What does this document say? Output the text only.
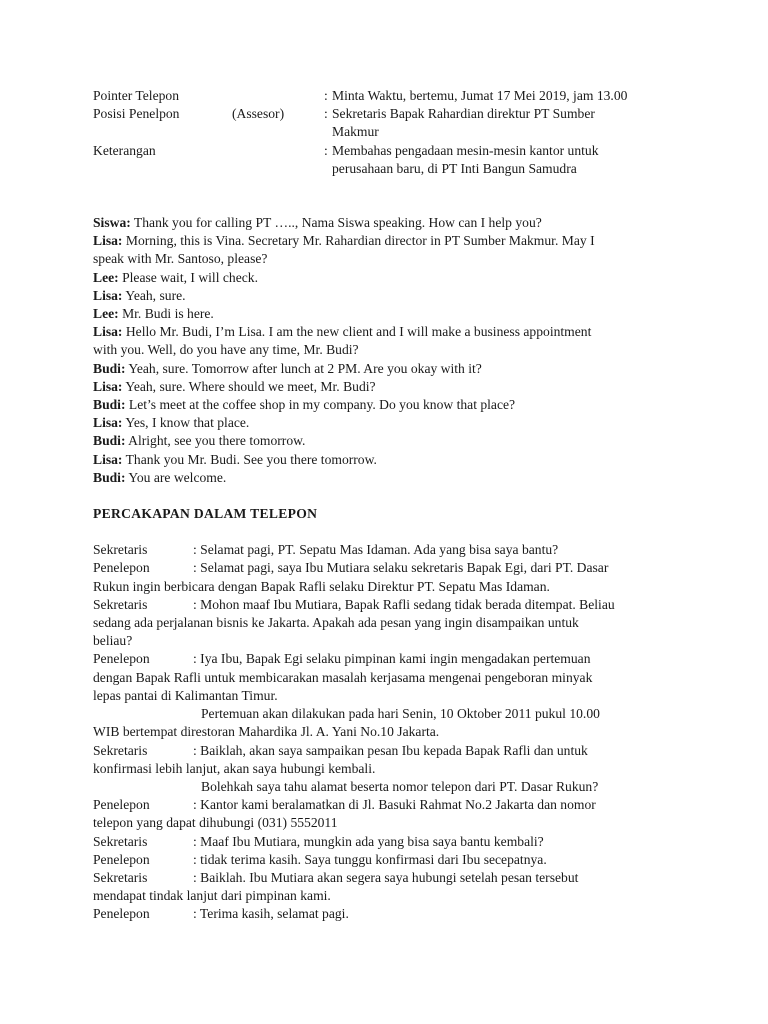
Pointer Telepon	: Minta Waktu, bertemu, Jumat 17 Mei 2019, jam 13.00
Posisi Penelpon	(Assesor)	: Sekretaris Bapak Rahardian direktur PT Sumber
Makmur
Keterangan	: Membahas pengadaan mesin-mesin kantor untuk
perusahaan baru, di PT Inti Bangun Samudra
Siswa: Thank you for calling PT ….., Nama Siswa speaking. How can I help you?
Lisa: Morning, this is Vina. Secretary Mr. Rahardian director in PT Sumber Makmur. May I
speak with Mr. Santoso, please?
Lee: Please wait, I will check.
Lisa: Yeah, sure.
Lee: Mr. Budi is here.
Lisa: Hello Mr. Budi, I’m Lisa. I am the new client and I will make a business appointment
with you. Well, do you have any time, Mr. Budi?
Budi: Yeah, sure. Tomorrow after lunch at 2 PM. Are you okay with it?
Lisa: Yeah, sure. Where should we meet, Mr. Budi?
Budi: Let’s meet at the coffee shop in my company. Do you know that place?
Lisa: Yes, I know that place.
Budi: Alright, see you there tomorrow.
Lisa: Thank you Mr. Budi. See you there tomorrow.
Budi: You are welcome.
PERCAKAPAN DALAM TELEPON
Sekretaris	: Selamat pagi, PT. Sepatu Mas Idaman. Ada yang bisa saya bantu?
Penelepon	: Selamat pagi, saya Ibu Mutiara selaku sekretaris Bapak Egi, dari PT. Dasar
Rukun ingin berbicara dengan Bapak Rafli selaku Direktur PT. Sepatu Mas Idaman.
Sekretaris	: Mohon maaf Ibu Mutiara, Bapak Rafli sedang tidak berada ditempat. Beliau
sedang ada perjalanan bisnis ke Jakarta. Apakah ada pesan yang ingin disampaikan untuk
beliau?
Penelepon	: Iya Ibu, Bapak Egi selaku pimpinan kami ingin mengadakan pertemuan
dengan Bapak Rafli untuk membicarakan masalah kerjasama mengenai pengeboran minyak
lepas pantai di Kalimantan Timur.
Pertemuan akan dilakukan pada hari Senin, 10 Oktober 2011 pukul 10.00
WIB bertempat direstoran Mahardika Jl. A. Yani No.10 Jakarta.
Sekretaris	: Baiklah, akan saya sampaikan pesan Ibu kepada Bapak Rafli dan untuk
konfirmasi lebih lanjut, akan saya hubungi kembali.
Bolehkah saya tahu alamat beserta nomor telepon dari PT. Dasar Rukun?
Penelepon	: Kantor kami beralamatkan di Jl. Basuki Rahmat No.2 Jakarta dan nomor
telepon yang dapat dihubungi (031) 5552011
Sekretaris	: Maaf Ibu Mutiara, mungkin ada yang bisa saya bantu kembali?
Penelepon	: tidak terima kasih. Saya tunggu konfirmasi dari Ibu secepatnya.
Sekretaris	: Baiklah. Ibu Mutiara akan segera saya hubungi setelah pesan tersebut
mendapat tindak lanjut dari pimpinan kami.
Penelepon	: Terima kasih, selamat pagi.
